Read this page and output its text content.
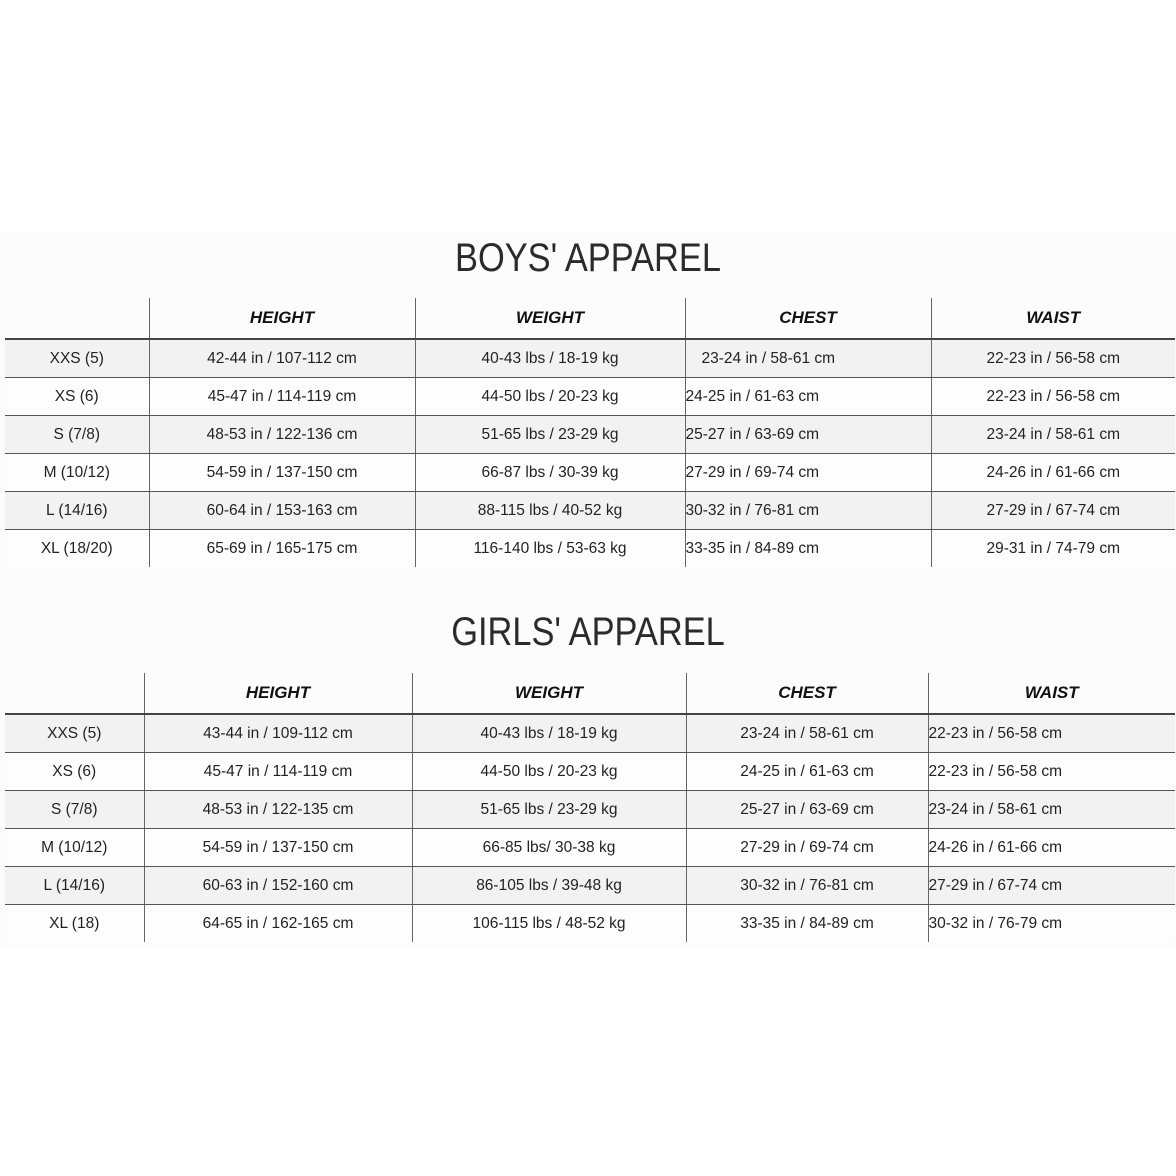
BOYS' APPAREL
	HEIGHT	WEIGHT	CHEST	WAIST
XXS (5)	42-44 in / 107-112 cm	40-43 lbs / 18-19 kg	23-24 in / 58-61 cm	22-23 in / 56-58 cm
XS (6)	45-47 in / 114-119 cm	44-50 lbs / 20-23 kg	24-25 in / 61-63 cm	22-23 in / 56-58 cm
S (7/8)	48-53 in / 122-136 cm	51-65 lbs / 23-29 kg	25-27 in / 63-69 cm	23-24 in / 58-61 cm
M (10/12)	54-59 in / 137-150 cm	66-87 lbs / 30-39 kg	27-29 in / 69-74 cm	24-26 in / 61-66 cm
L (14/16)	60-64 in / 153-163 cm	88-115 lbs / 40-52 kg	30-32 in / 76-81 cm	27-29 in / 67-74 cm
XL (18/20)	65-69 in / 165-175 cm	116-140 lbs / 53-63 kg	33-35 in / 84-89 cm	29-31 in / 74-79 cm
GIRLS' APPAREL
	HEIGHT	WEIGHT	CHEST	WAIST
XXS (5)	43-44 in / 109-112 cm	40-43 lbs / 18-19 kg	23-24 in / 58-61 cm	22-23 in / 56-58 cm
XS (6)	45-47 in / 114-119 cm	44-50 lbs / 20-23 kg	24-25 in / 61-63 cm	22-23 in / 56-58 cm
S (7/8)	48-53 in / 122-135 cm	51-65 lbs / 23-29 kg	25-27 in / 63-69 cm	23-24 in / 58-61 cm
M (10/12)	54-59 in / 137-150 cm	66-85 lbs/ 30-38 kg	27-29 in / 69-74 cm	24-26 in / 61-66 cm
L (14/16)	60-63 in / 152-160 cm	86-105 lbs / 39-48 kg	30-32 in / 76-81 cm	27-29 in / 67-74 cm
XL (18)	64-65 in / 162-165 cm	106-115 lbs / 48-52 kg	33-35 in / 84-89 cm	30-32 in / 76-79 cm
